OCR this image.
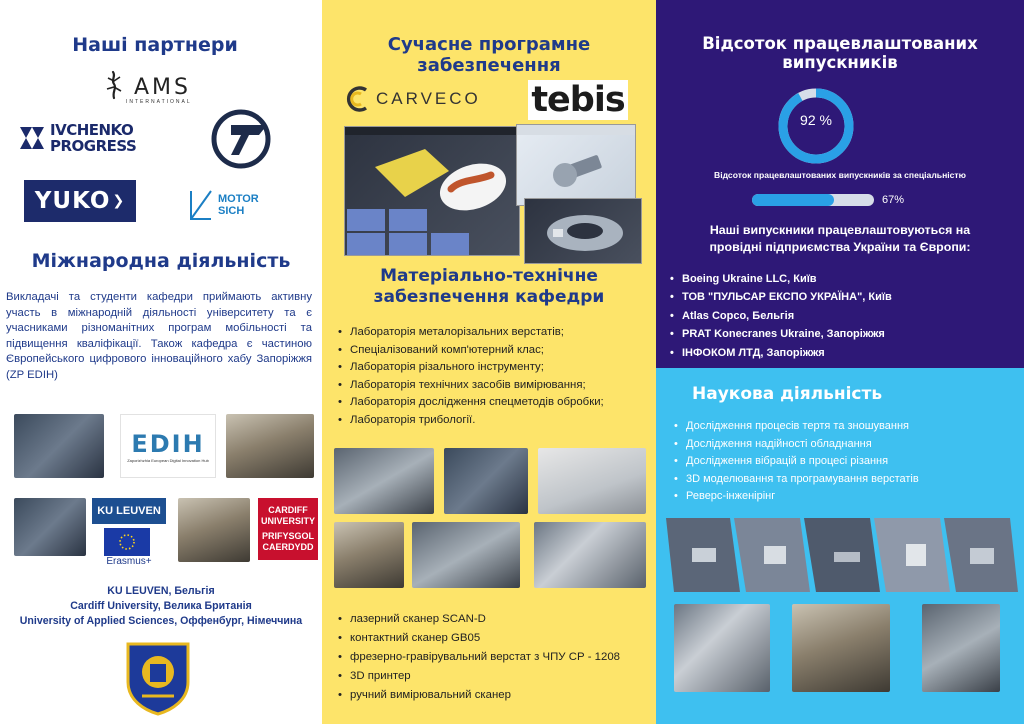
Наші партнери
AMS
INTERNATIONAL
IVCHENKO
PROGRESS
YUKO ❯	MOTOR
SICH
Міжнародна діяльність

Викладачі та студенти кафедри приймають активну участь в міжнародній діяльності університету та є учасниками різноманітних програм мобільності та підвищення кваліфікації. Також кафедра є частиною Європейського цифрового інноваційного хабу Запоріжжя (ZP EDIH)

EDIH
Zaporizhzhia European Digital Innovation Hub
KU LEUVEN
Erasmus+
CARDIFF
UNIVERSITY
PRIFYSGOL
CAERDYDD
KU LEUVEN, Бельгія
Cardiff University, Велика Британія
University of Applied Sciences, Оффенбург, Німеччина
Сучасне програмне
забезпечення
CARVECO tebis
Матеріально-технічне
забезпечення кафедри
• Лабораторія металорізальних верстатів;
• Спеціалізований комп'ютерний клас;
• Лабораторія різального інструменту;
• Лабораторія технічних засобів вимірювання;
• Лабораторія дослідження спецметодів обробки;
• Лабораторія трибології.
• лазерний сканер SCAN-D
• контактний сканер GB05
• фрезерно-гравірувальний верстат з ЧПУ СР - 1208
• 3D принтер
• ручний вимірювальний сканер
Відсоток працевлаштованих
випускників
92 %
Відсоток працевлаштованих випускників за спеціальністю
67%
Наші випускники працевлаштовуються на
провідні підприємства України та Європи:
• Boeing Ukraine LLC, Київ
• ТОВ "ПУЛЬСАР ЕКСПО УКРАЇНА", Київ
• Atlas Copco, Бельгія
• PRAT Konecranes Ukraine, Запоріжжя
• ІНФОКОМ ЛТД, Запоріжжя
Наукова діяльність
• Дослідження процесів тертя та зношування
• Дослідження надійності обладнання
• Дослідження вібрацій в процесі різання
• 3D моделювання та програмування верстатів
• Реверс-інженірінг
